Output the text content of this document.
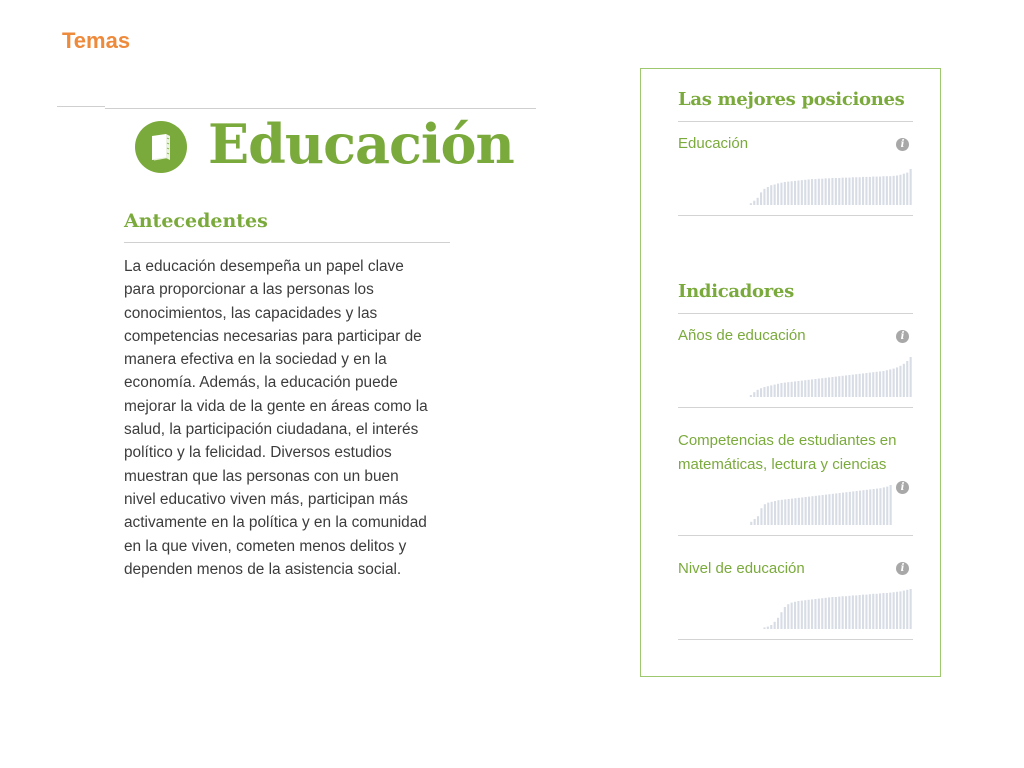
Temas
Educación
Antecedentes
La educación desempeña un papel clave
para proporcionar a las personas los
conocimientos, las capacidades y las
competencias necesarias para participar de
manera efectiva en la sociedad y en la
economía. Además, la educación puede
mejorar la vida de la gente en áreas como la
salud, la participación ciudadana, el interés
político y la felicidad. Diversos estudios
muestran que las personas con un buen
nivel educativo viven más, participan más
activamente en la política y en la comunidad
en la que viven, cometen menos delitos y
dependen menos de la asistencia social.
Las mejores posiciones
Educación	i
Indicadores
Años de educación	i
Competencias de estudiantes en
matemáticas, lectura y ciencias
i
Nivel de educación	i
